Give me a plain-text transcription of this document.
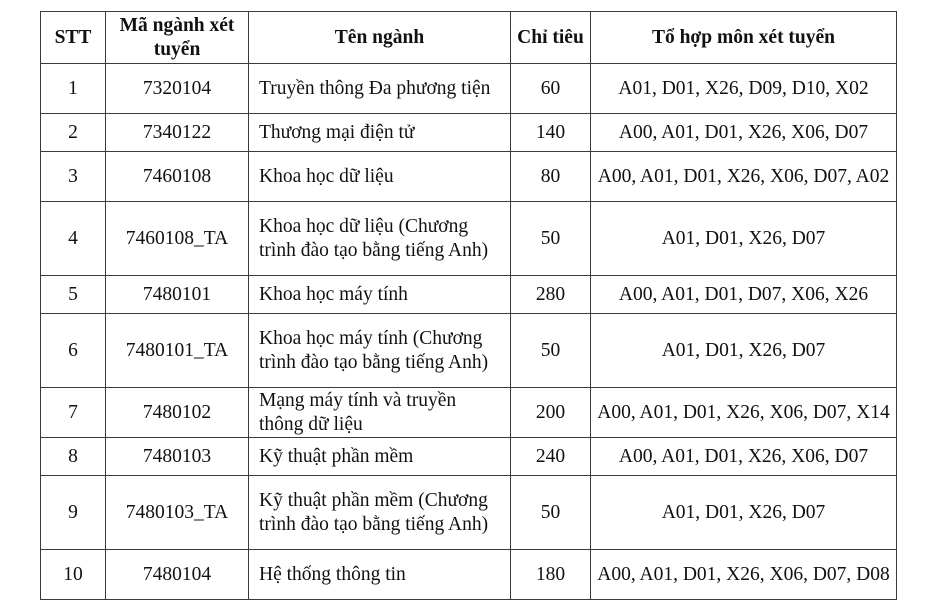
STT	Mã ngành xét tuyển	Tên ngành	Chỉ tiêu	Tổ hợp môn xét tuyển
1	7320104	Truyền thông Đa phương tiện	60	A01, D01, X26, D09, D10, X02
2	7340122	Thương mại điện tử	140	A00, A01, D01, X26, X06, D07
3	7460108	Khoa học dữ liệu	80	A00, A01, D01, X26, X06, D07, A02
4	7460108_TA	Khoa học dữ liệu (Chương trình đào tạo bằng tiếng Anh)	50	A01, D01, X26, D07
5	7480101	Khoa học máy tính	280	A00, A01, D01, D07, X06, X26
6	7480101_TA	Khoa học máy tính (Chương trình đào tạo bằng tiếng Anh)	50	A01, D01, X26, D07
7	7480102	Mạng máy tính và truyền thông dữ liệu	200	A00, A01, D01, X26, X06, D07, X14
8	7480103	Kỹ thuật phần mềm	240	A00, A01, D01, X26, X06, D07
9	7480103_TA	Kỹ thuật phần mềm (Chương trình đào tạo bằng tiếng Anh)	50	A01, D01, X26, D07
10	7480104	Hệ thống thông tin	180	A00, A01, D01, X26, X06, D07, D08
